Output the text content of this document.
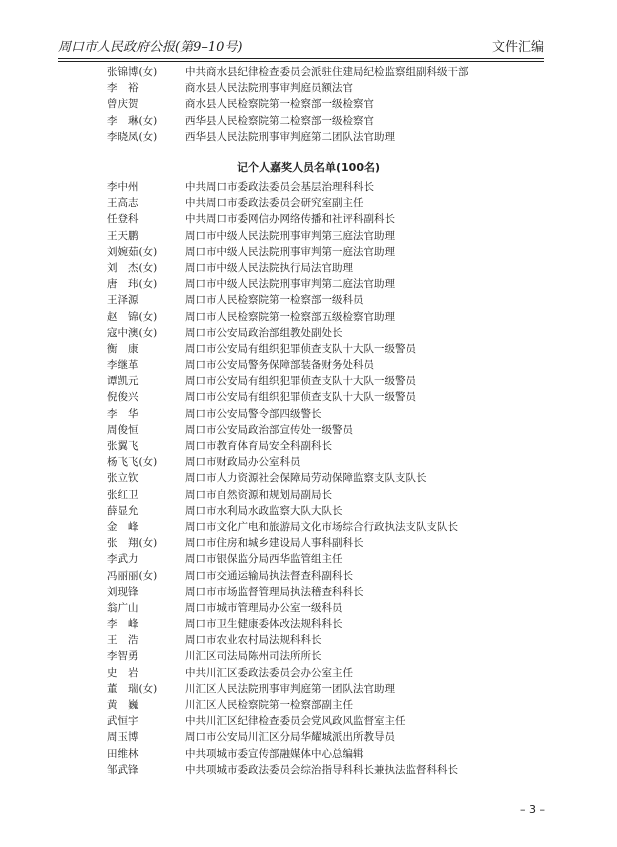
周口市人民政府公报(第9–10号)	文件汇编
张锦博(女)	中共商水县纪律检查委员会派驻住建局纪检监察组副科级干部
李　裕	商水县人民法院刑事审判庭员额法官
曾庆贺	商水县人民检察院第一检察部一级检察官
李　琳(女)	西华县人民检察院第二检察部一级检察官
李晓凤(女)	西华县人民法院刑事审判庭第二团队法官助理
记个人嘉奖人员名单(100名)
李中州	中共周口市委政法委员会基层治理科科长
王高志	中共周口市委政法委员会研究室副主任
任登科	中共周口市委网信办网络传播和社评科副科长
王天鹏	周口市中级人民法院刑事审判第三庭法官助理
刘婉茹(女)	周口市中级人民法院刑事审判第一庭法官助理
刘　杰(女)	周口市中级人民法院执行局法官助理
唐　玮(女)	周口市中级人民法院刑事审判第二庭法官助理
王泽源	周口市人民检察院第一检察部一级科员
赵　锦(女)	周口市人民检察院第一检察部五级检察官助理
寇中澳(女)	周口市公安局政治部组教处副处长
衡　康	周口市公安局有组织犯罪侦查支队十大队一级警员
李继革	周口市公安局警务保障部装备财务处科员
谭凯元	周口市公安局有组织犯罪侦查支队十大队一级警员
倪俊兴	周口市公安局有组织犯罪侦查支队十大队一级警员
李　华	周口市公安局警令部四级警长
周俊恒	周口市公安局政治部宣传处一级警员
张翼飞	周口市教育体育局安全科副科长
杨飞飞(女)	周口市财政局办公室科员
张立钦	周口市人力资源社会保障局劳动保障监察支队支队长
张红卫	周口市自然资源和规划局副局长
薛显允	周口市水利局水政监察大队大队长
金　峰	周口市文化广电和旅游局文化市场综合行政执法支队支队长
张　翔(女)	周口市住房和城乡建设局人事科副科长
李武力	周口市银保监分局西华监管组主任
冯丽丽(女)	周口市交通运输局执法督查科副科长
刘现锋	周口市市场监督管理局执法稽查科科长
翁广山	周口市城市管理局办公室一级科员
李　峰	周口市卫生健康委体改法规科科长
王　浩	周口市农业农村局法规科科长
李智勇	川汇区司法局陈州司法所所长
史　岩	中共川汇区委政法委员会办公室主任
董　瑞(女)	川汇区人民法院刑事审判庭第一团队法官助理
黄　巍	川汇区人民检察院第一检察部副主任
武恒宇	中共川汇区纪律检查委员会党风政风监督室主任
周玉博	周口市公安局川汇区分局华耀城派出所教导员
田维林	中共项城市委宣传部融媒体中心总编辑
邹武锋	中共项城市委政法委员会综治指导科科长兼执法监督科科长
– 3 –
